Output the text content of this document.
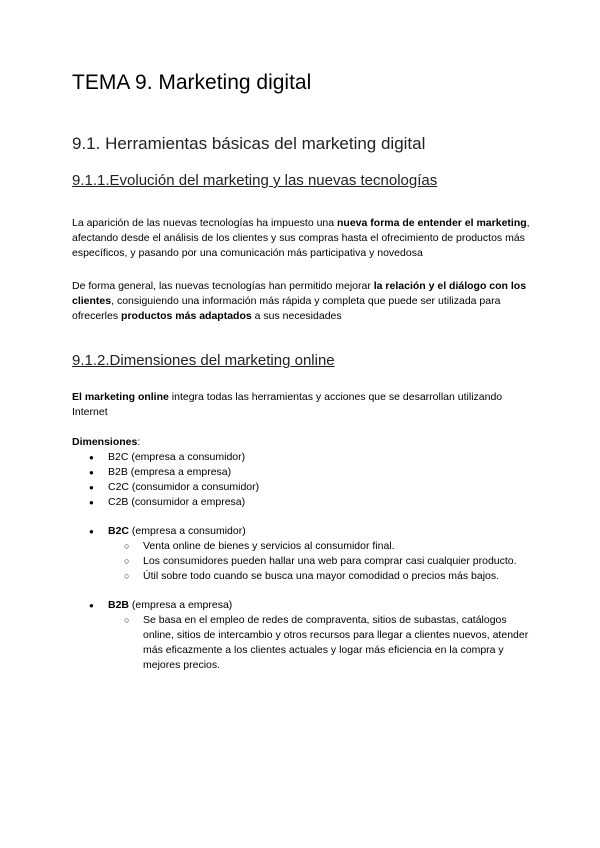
TEMA 9. Marketing digital
9.1. Herramientas básicas del marketing digital
9.1.1.Evolución del marketing y las nuevas tecnologías

La aparición de las nuevas tecnologías ha impuesto una nueva forma de entender el marketing, afectando desde el análisis de los clientes y sus compras hasta el ofrecimiento de productos más específicos, y pasando por una comunicación más participativa y novedosa

De forma general, las nuevas tecnologías han permitido mejorar la relación y el diálogo con los clientes, consiguiendo una información más rápida y completa que puede ser utilizada para ofrecerles productos más adaptados a sus necesidades

9.1.2.Dimensiones del marketing online

El marketing online integra todas las herramientas y acciones que se desarrollan utilizando Internet

Dimensiones:

● B2C (empresa a consumidor)
● B2B (empresa a empresa)
● C2C (consumidor a consumidor)
● C2B (consumidor a empresa)
● B2C (empresa a consumidor)
○ Venta online de bienes y servicios al consumidor final.
○ Los consumidores pueden hallar una web para comprar casi cualquier producto.
○ Útil sobre todo cuando se busca una mayor comodidad o precios más bajos.
● B2B (empresa a empresa)
○ Se basa en el empleo de redes de compraventa, sitios de subastas, catálogos online, sitios de intercambio y otros recursos para llegar a clientes nuevos, atender más eficazmente a los clientes actuales y logar más eficiencia en la compra y mejores precios.
